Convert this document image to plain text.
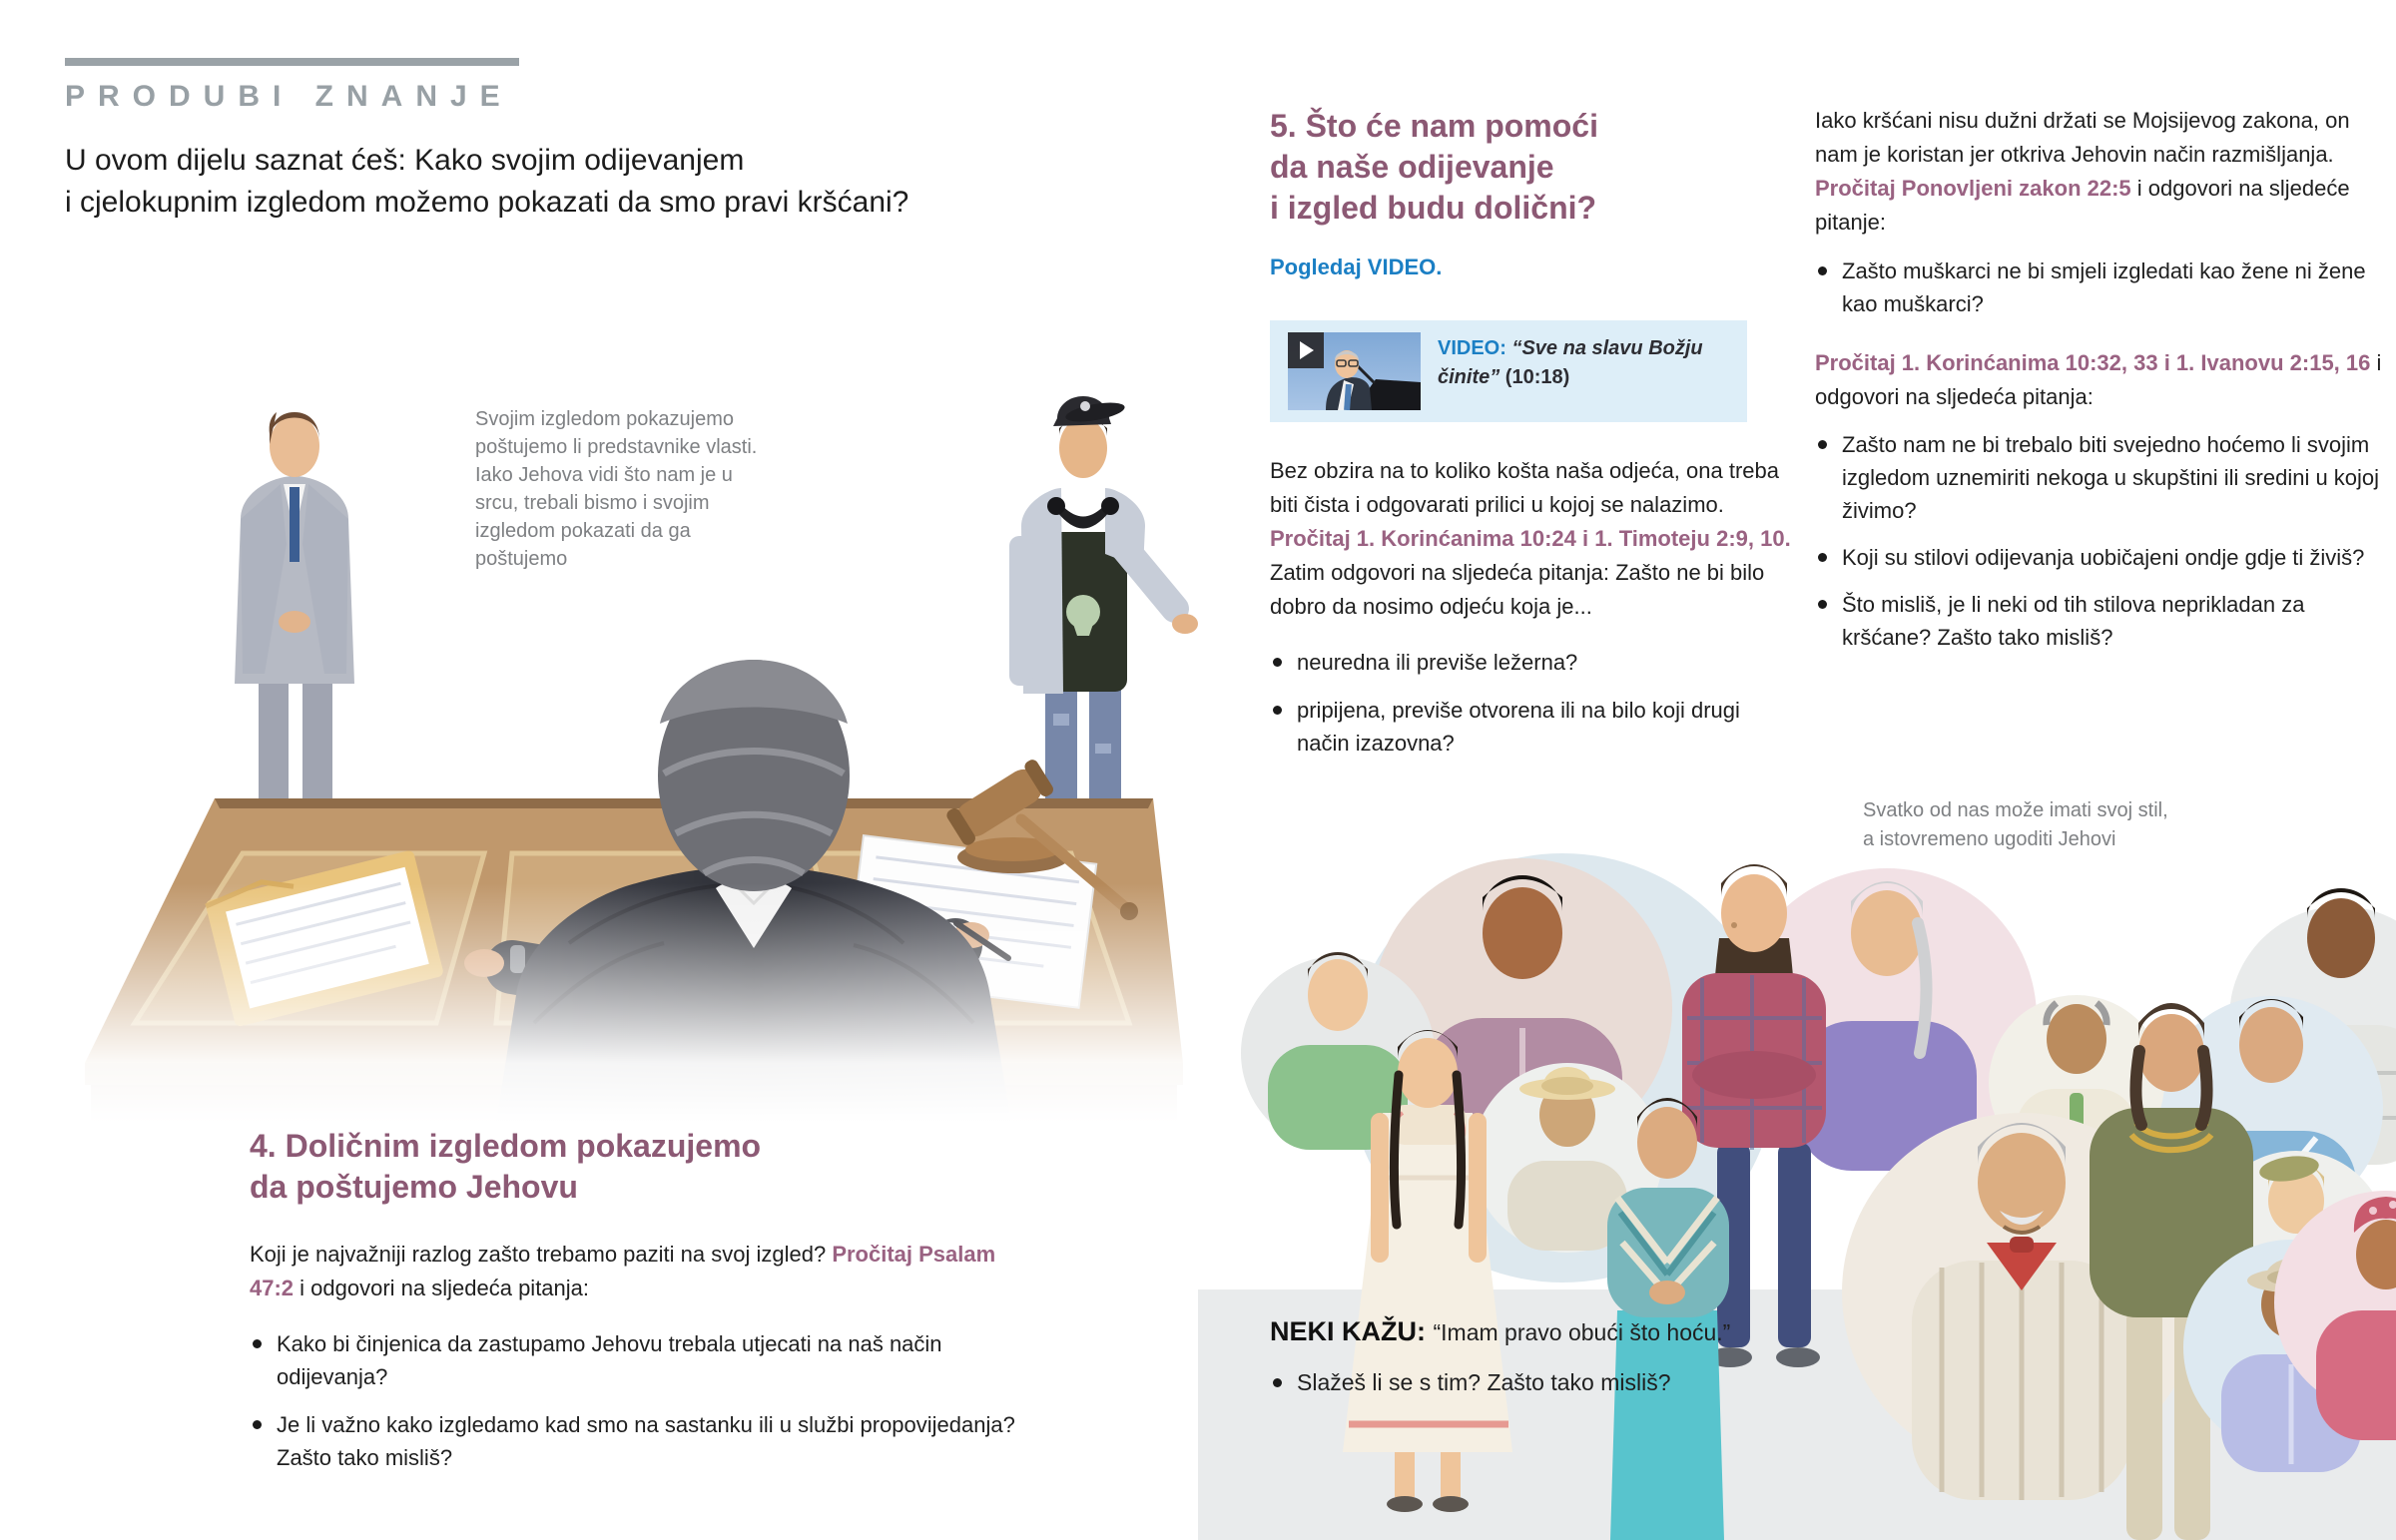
PRODUBI ZNANJE
U ovom dijelu saznat ćeš: Kako svojim odijevanjem
i cjelokupnim izgledom možemo pokazati da smo pravi kršćani?
Svojim izgledom pokazujemo poštujemo li predstavnike vlasti. Iako Jehova vidi što nam je u srcu, trebali bismo i svojim izgledom pokazati da ga poštujemo
4. Doličnim izgledom pokazujemo
da poštujemo Jehovu

Koji je najvažniji razlog zašto trebamo paziti na svoj izgled? Pročitaj Psalam 47:2 i odgovori na sljedeća pitanja:

Kako bi činjenica da zastupamo Jehovu trebala utjecati na naš način odijevanja?
Je li važno kako izgledamo kad smo na sastanku ili u službi propovijedanja? Zašto tako misliš?
5. Što će nam pomoći
da naše odijevanje
i izgled budu dolični?
Pogledaj VIDEO.
VIDEO: “Sve na slavu Božju činite” (10:18)

Bez obzira na to koliko košta naša odjeća, ona treba biti čista i odgovarati prilici u kojoj se nalazimo. Pročitaj 1. Korinćanima 10:24 i 1. Timoteju 2:9, 10. Zatim odgovori na sljedeća pitanja: Zašto ne bi bilo dobro da nosimo odjeću koja je...

neuredna ili previše ležerna?
pripijena, previše otvorena ili na bilo koji drugi način izazovna?

Iako kršćani nisu dužni držati se Mojsijevog zakona, on nam je koristan jer otkriva Jehovin način razmišljanja. Pročitaj Ponovljeni zakon 22:5 i odgovori na sljedeće pitanje:

Zašto muškarci ne bi smjeli izgledati kao žene ni žene kao muškarci?

Pročitaj 1. Korinćanima 10:32, 33 i 1. Ivanovu 2:15, 16 i odgovori na sljedeća pitanja:

Zašto nam ne bi trebalo biti svejedno hoćemo li svojim izgledom uznemiriti nekoga u skupštini ili sredini u kojoj živimo?
Koji su stilovi odijevanja uobičajeni ondje gdje ti živiš?
Što misliš, je li neki od tih stilova neprikladan za kršćane? Zašto tako misliš?
Svatko od nas može imati svoj stil,
a istovremeno ugoditi Jehovi
NEKI KAŽU: “Imam pravo obući što hoću.”
Slažeš li se s tim? Zašto tako misliš?
